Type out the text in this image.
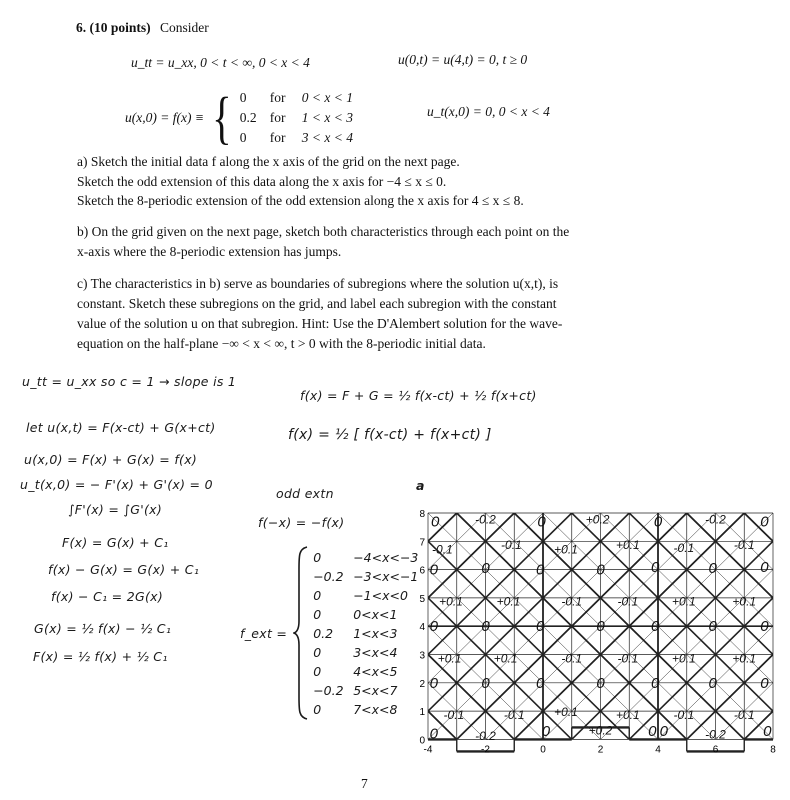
6. (10 points) Consider
u_tt = u_xx, 0 < t < ∞, 0 < x < 4	u(0,t) = u(4,t) = 0, t ≥ 0
u(x,0) = f(x) ≡ { 0	for	0 < x < 1
0.2 for	1 < x < 3
0	for	3 < x < 4
u_t(x,0) = 0, 0 < x < 4
a) Sketch the initial data f along the x axis of the grid on the next page.
Sketch the odd extension of this data along the x axis for −4 ≤ x ≤ 0.
Sketch the 8-periodic extension of the odd extension along the x axis for 4 ≤ x ≤ 8.
b) On the grid given on the next page, sketch both characteristics through each point on the
x-axis where the 8-periodic extension has jumps.
c) The characteristics in b) serve as boundaries of subregions where the solution u(x,t), is
constant. Sketch these subregions on the grid, and label each subregion with the constant
value of the solution u on that subregion. Hint: Use the D'Alembert solution for the wave-
equation on the half-plane −∞ < x < ∞, t > 0 with the 8-periodic initial data.
u_tt = u_xx so c = 1 → slope is 1
let u(x,t) = F(x-ct) + G(x+ct)
u(x,0) = F(x) + G(x) = f(x)
u_t(x,0) = − F'(x) + G'(x) = 0
∫F'(x) = ∫G'(x)
F(x) = G(x) + C₁
f(x) − G(x) = G(x) + C₁
f(x) − C₁ = 2G(x)
G(x) = ½ f(x) − ½ C₁
F(x) = ½ f(x) + ½ C₁
f(x) = F + G = ½ f(x-ct) + ½ f(x+ct)
f(x) = ½ [ f(x-ct) + f(x+ct) ]
odd extn
f(−x) = −f(x)
a
f_ext =
0	−4<x<−3
−0.2 −3<x<−1
0	−1<x<0
0	0<x<1
0.2	1<x<3
0	3<x<4
0	4<x<5
−0.2 5<x<7
0	7<x<8
-4	-2	0	2	4	6	8
0
1
2
3
4
5
6
7
8 0	-0.2	0	+0.2	0	-0.2 0
-0.1	-0.1	+0.1	+0.1	-0.1	-0.1
0	0	0	0	0	0	0
+0.1	+0.1	-0.1	-0.1	+0.1	+0.1
0	0	0	0	0	0	0
+0.1	+0.1	-0.1	-0.1	+0.1	+0.1
0	0	0	0	0	0	0
-0.1	-0.1 +0.1	+0.1	-0.1	-0.1
0	-0.2	0	+0.2 0 0	-0.2 0
7
